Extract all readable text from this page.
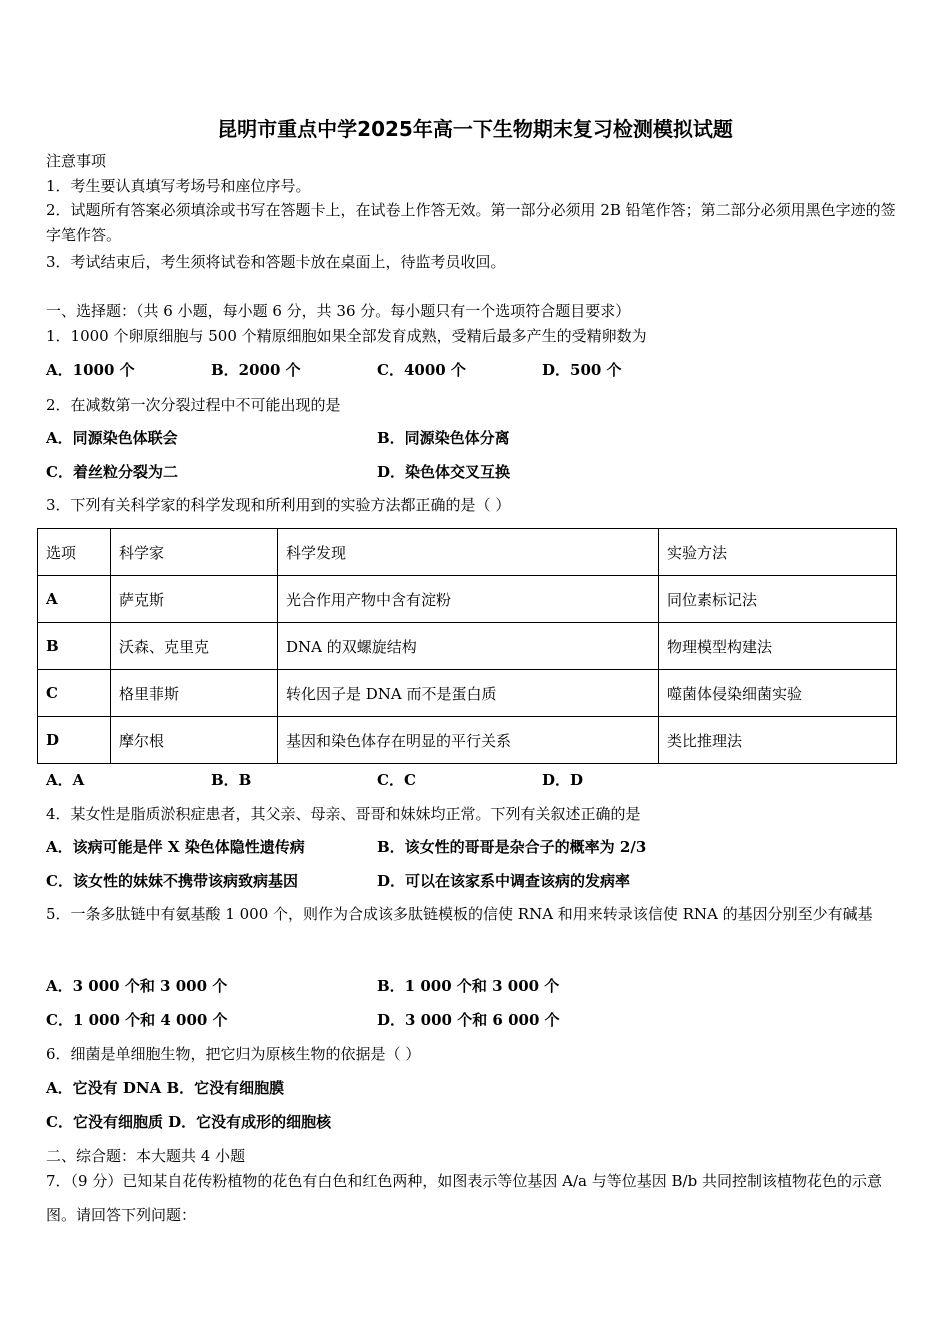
昆明市重点中学2025年高一下生物期末复习检测模拟试题
注意事项
1．考生要认真填写考场号和座位序号。
2．试题所有答案必须填涂或书写在答题卡上，在试卷上作答无效。第一部分必须用 2B 铅笔作答；第二部分必须用黑色字迹的签字笔作答。
3．考试结束后，考生须将试卷和答题卡放在桌面上，待监考员收回。
一、选择题：（共 6 小题，每小题 6 分，共 36 分。每小题只有一个选项符合题目要求）
1．1000 个卵原细胞与 500 个精原细胞如果全部发育成熟，受精后最多产生的受精卵数为
A．1000 个	B．2000 个	C．4000 个	D．500 个
2．在减数第一次分裂过程中不可能出现的是
A．同源染色体联会	B．同源染色体分离
C．着丝粒分裂为二	D．染色体交叉互换
3．下列有关科学家的科学发现和所利用到的实验方法都正确的是（ ）
选项	科学家	科学发现	实验方法
A	萨克斯	光合作用产物中含有淀粉	同位素标记法
B	沃森、克里克	DNA 的双螺旋结构	物理模型构建法
C	格里菲斯	转化因子是 DNA 而不是蛋白质	噬菌体侵染细菌实验
D	摩尔根	基因和染色体存在明显的平行关系	类比推理法
A．A	B．B	C．C	D．D
4．某女性是脂质淤积症患者，其父亲、母亲、哥哥和妹妹均正常。下列有关叙述正确的是
A．该病可能是伴 X 染色体隐性遗传病	B．该女性的哥哥是杂合子的概率为 2/3
C．该女性的妹妹不携带该病致病基因	D．可以在该家系中调查该病的发病率
5．一条多肽链中有氨基酸 1 000 个，则作为合成该多肽链模板的信使 RNA 和用来转录该信使 RNA 的基因分别至少有碱基
A．3 000 个和 3 000 个	B．1 000 个和 3 000 个
C．1 000 个和 4 000 个	D．3 000 个和 6 000 个
6．细菌是单细胞生物，把它归为原核生物的依据是（ ）
A．它没有 DNA B．它没有细胞膜
C．它没有细胞质 D．它没有成形的细胞核
二、综合题：本大题共 4 小题
7．（9 分）已知某自花传粉植物的花色有白色和红色两种，如图表示等位基因 A/a 与等位基因 B/b 共同控制该植物花色的示意图。请回答下列问题：
